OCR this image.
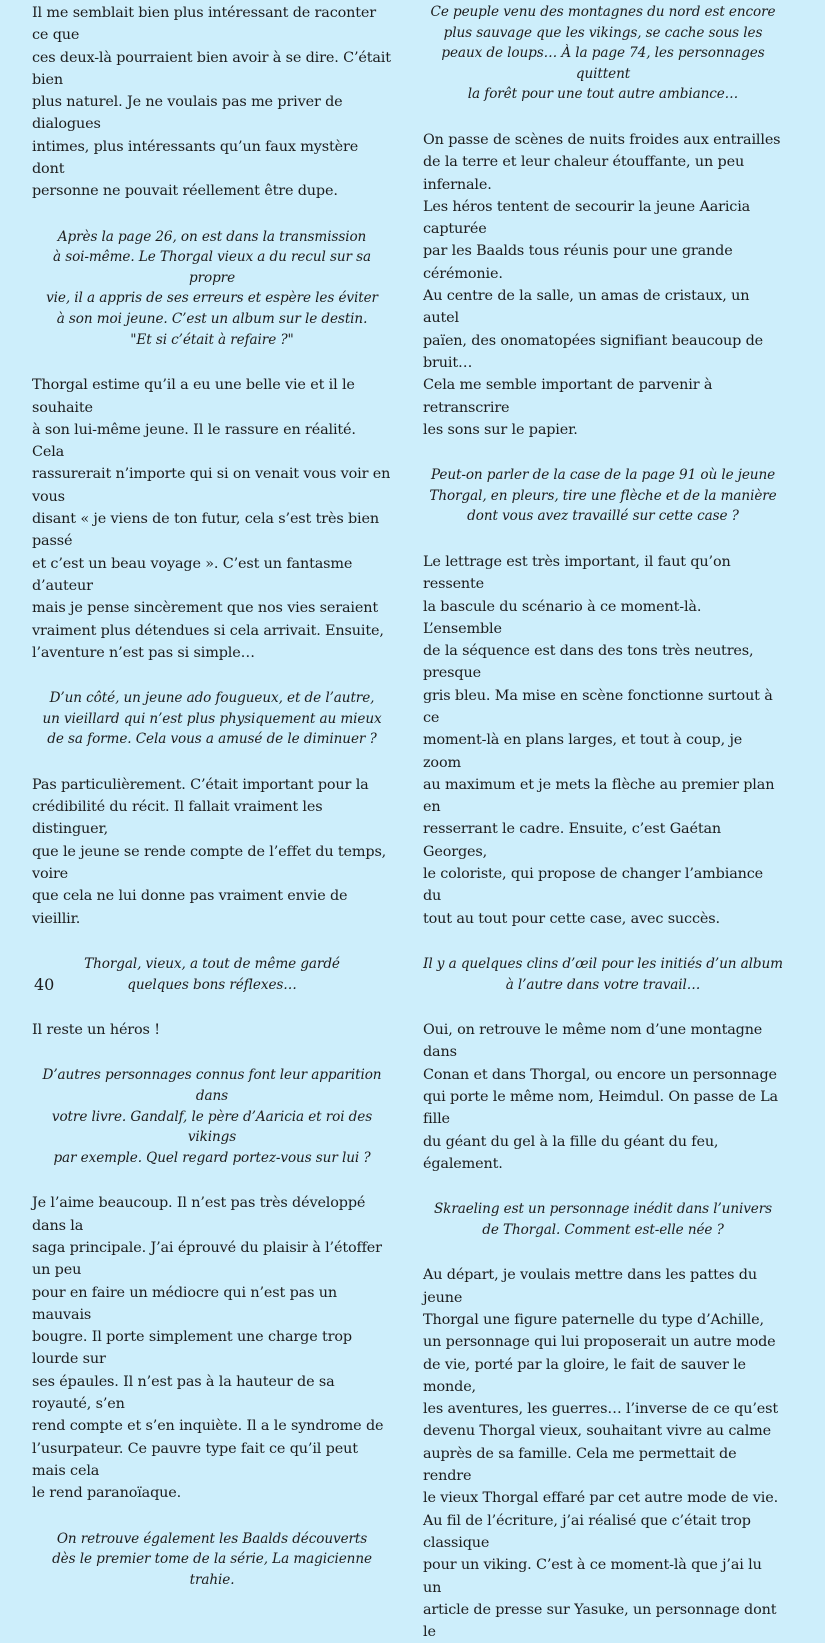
Il me semblait bien plus intéressant de raconter ce que
ces deux-là pourraient bien avoir à se dire. C’était bien
plus naturel. Je ne voulais pas me priver de dialogues
intimes, plus intéressants qu’un faux mystère dont
personne ne pouvait réellement être dupe.

Après la page 26, on est dans la transmission
à soi-même. Le Thorgal vieux a du recul sur sa propre
vie, il a appris de ses erreurs et espère les éviter
à son moi jeune. C’est un album sur le destin.
"Et si c’était à refaire ?"

Thorgal estime qu’il a eu une belle vie et il le souhaite
à son lui-même jeune. Il le rassure en réalité. Cela
rassurerait n’importe qui si on venait vous voir en vous
disant « je viens de ton futur, cela s’est très bien passé
et c’est un beau voyage ». C’est un fantasme d’auteur
mais je pense sincèrement que nos vies seraient
vraiment plus détendues si cela arrivait. Ensuite,
l’aventure n’est pas si simple…

D’un côté, un jeune ado fougueux, et de l’autre,
un vieillard qui n’est plus physiquement au mieux
de sa forme. Cela vous a amusé de le diminuer ?

Pas particulièrement. C’était important pour la
crédibilité du récit. Il fallait vraiment les distinguer,
que le jeune se rende compte de l’effet du temps, voire
que cela ne lui donne pas vraiment envie de vieillir.

Thorgal, vieux, a tout de même gardé
quelques bons réflexes…

Il reste un héros !

D’autres personnages connus font leur apparition dans
votre livre. Gandalf, le père d’Aaricia et roi des vikings
par exemple. Quel regard portez-vous sur lui ?

Je l’aime beaucoup. Il n’est pas très développé dans la
saga principale. J’ai éprouvé du plaisir à l’étoffer un peu
pour en faire un médiocre qui n’est pas un mauvais
bougre. Il porte simplement une charge trop lourde sur
ses épaules. Il n’est pas à la hauteur de sa royauté, s’en
rend compte et s’en inquiète. Il a le syndrome de
l’usurpateur. Ce pauvre type fait ce qu’il peut mais cela
le rend paranoïaque.

On retrouve également les Baalds découverts
dès le premier tome de la série, La magicienne trahie.

Ce peuple venu des montagnes du nord est encore
plus sauvage que les vikings, se cache sous les
peaux de loups… À la page 74, les personnages quittent
la forêt pour une tout autre ambiance…

On passe de scènes de nuits froides aux entrailles
de la terre et leur chaleur étouffante, un peu infernale.
Les héros tentent de secourir la jeune Aaricia capturée
par les Baalds tous réunis pour une grande cérémonie.
Au centre de la salle, un amas de cristaux, un autel
païen, des onomatopées signifiant beaucoup de bruit…
Cela me semble important de parvenir à retranscrire
les sons sur le papier.

Peut-on parler de la case de la page 91 où le jeune
Thorgal, en pleurs, tire une flèche et de la manière
dont vous avez travaillé sur cette case ?

Le lettrage est très important, il faut qu’on ressente
la bascule du scénario à ce moment-là. L’ensemble
de la séquence est dans des tons très neutres, presque
gris bleu. Ma mise en scène fonctionne surtout à ce
moment-là en plans larges, et tout à coup, je zoom
au maximum et je mets la flèche au premier plan en
resserrant le cadre. Ensuite, c’est Gaétan Georges,
le coloriste, qui propose de changer l’ambiance du
tout au tout pour cette case, avec succès.

Il y a quelques clins d’œil pour les initiés d’un album
à l’autre dans votre travail…

Oui, on retrouve le même nom d’une montagne dans
Conan et dans Thorgal, ou encore un personnage
qui porte le même nom, Heimdul. On passe de La fille
du géant du gel à la fille du géant du feu, également.

Skraeling est un personnage inédit dans l’univers
de Thorgal. Comment est-elle née ?

Au départ, je voulais mettre dans les pattes du jeune
Thorgal une figure paternelle du type d’Achille,
un personnage qui lui proposerait un autre mode
de vie, porté par la gloire, le fait de sauver le monde,
les aventures, les guerres… l’inverse de ce qu’est
devenu Thorgal vieux, souhaitant vivre au calme
auprès de sa famille. Cela me permettait de rendre
le vieux Thorgal effaré par cet autre mode de vie.
Au fil de l’écriture, j’ai réalisé que c’était trop classique
pour un viking. C’est à ce moment-là que j’ai lu un
article de presse sur Yasuke, un personnage dont le

40
